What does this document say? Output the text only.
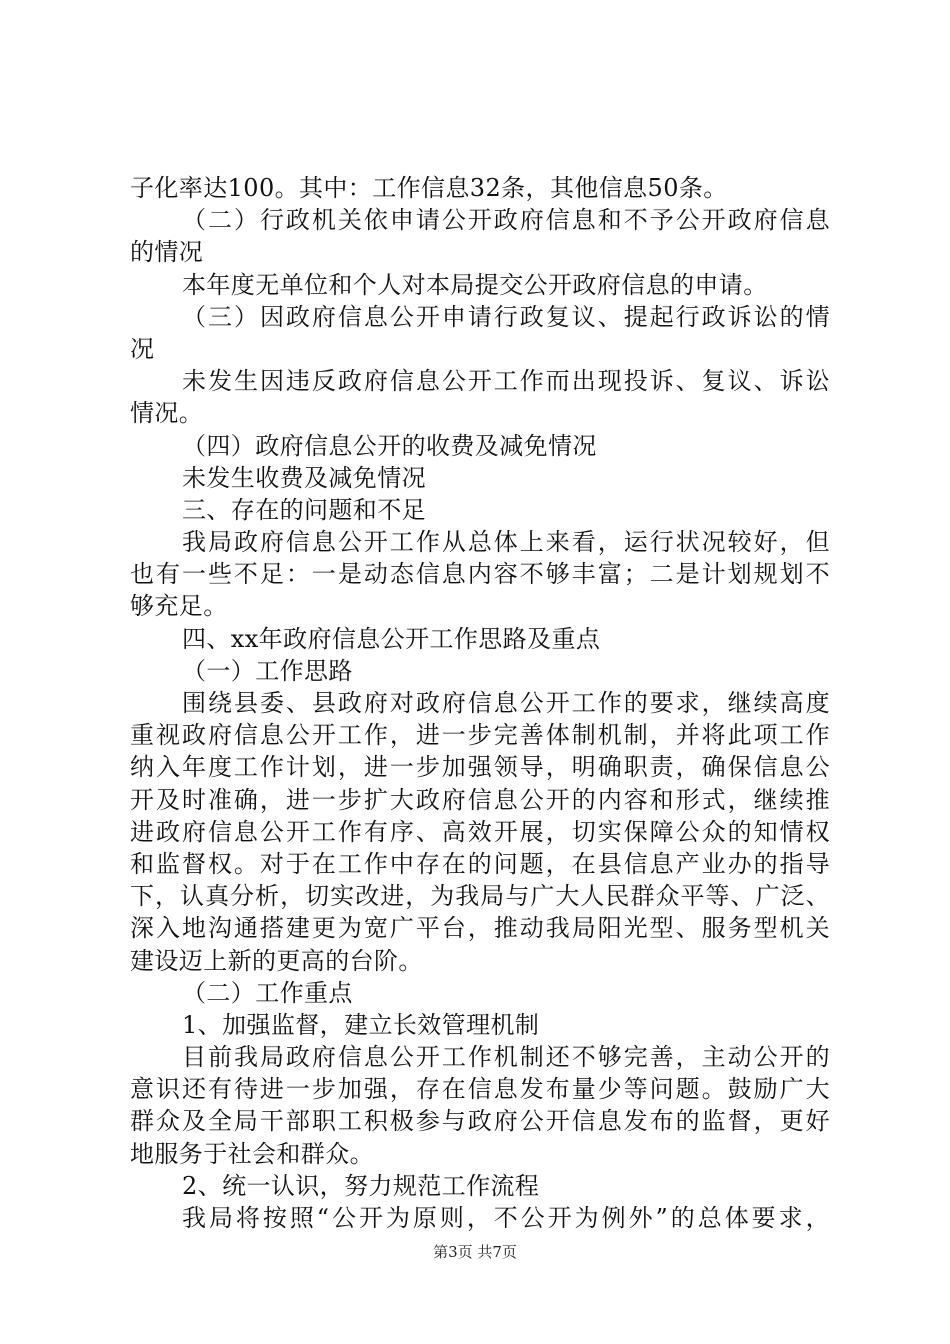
子化率达100。其中：工作信息32条，其他信息50条。
（二）行政机关依申请公开政府信息和不予公开政府信息
的情况
本年度无单位和个人对本局提交公开政府信息的申请。
（三）因政府信息公开申请行政复议、提起行政诉讼的情
况
未发生因违反政府信息公开工作而出现投诉、复议、诉讼
情况。
（四）政府信息公开的收费及减免情况
未发生收费及减免情况
三、存在的问题和不足
我局政府信息公开工作从总体上来看，运行状况较好，但
也有一些不足：一是动态信息内容不够丰富；二是计划规划不
够充足。
四、xx年政府信息公开工作思路及重点
（一）工作思路
围绕县委、县政府对政府信息公开工作的要求，继续高度
重视政府信息公开工作，进一步完善体制机制，并将此项工作
纳入年度工作计划，进一步加强领导，明确职责，确保信息公
开及时准确，进一步扩大政府信息公开的内容和形式，继续推
进政府信息公开工作有序、高效开展，切实保障公众的知情权
和监督权。对于在工作中存在的问题，在县信息产业办的指导
下，认真分析，切实改进，为我局与广大人民群众平等、广泛、
深入地沟通搭建更为宽广平台，推动我局阳光型、服务型机关
建设迈上新的更高的台阶。
（二）工作重点
1、加强监督，建立长效管理机制
目前我局政府信息公开工作机制还不够完善，主动公开的
意识还有待进一步加强，存在信息发布量少等问题。鼓励广大
群众及全局干部职工积极参与政府公开信息发布的监督，更好
地服务于社会和群众。
2、统一认识，努力规范工作流程
我局将按照“公开为原则，不公开为例外”的总体要求，
第3页 共7页
